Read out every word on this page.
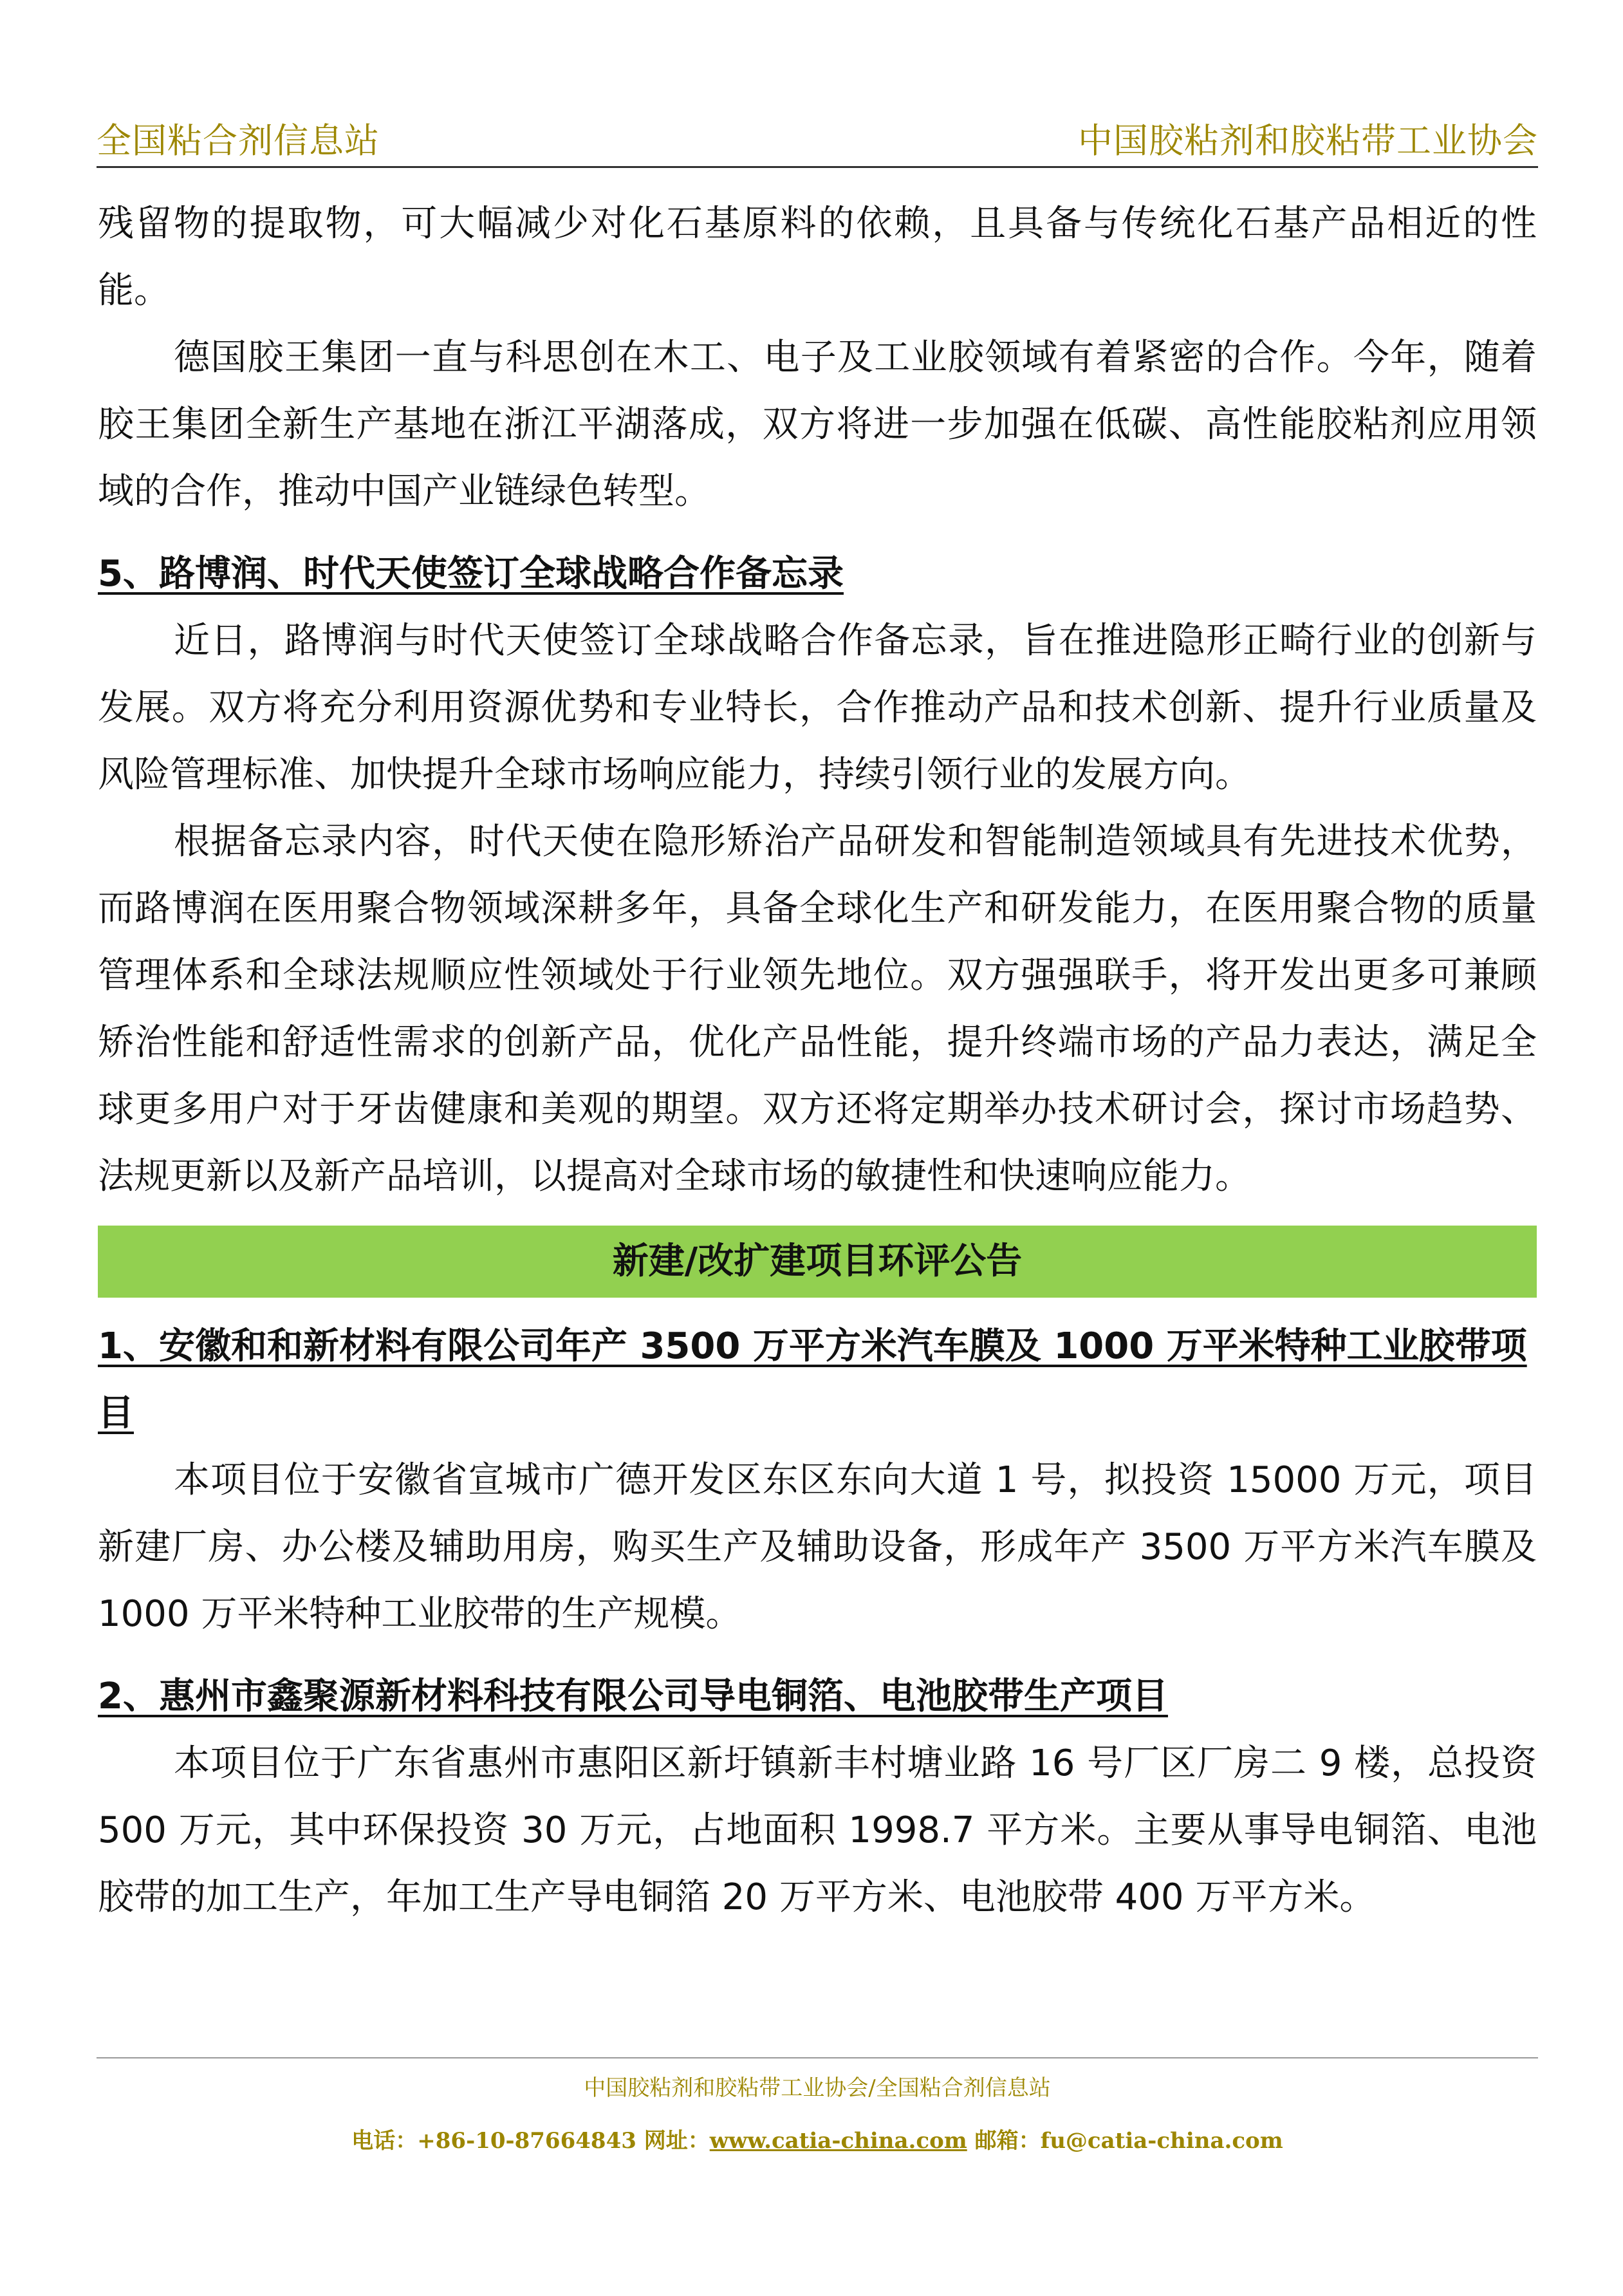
全国粘合剂信息站	中国胶粘剂和胶粘带工业协会

残留物的提取物，可大幅减少对化石基原料的依赖，且具备与传统化石基产品相近的性能。

德国胶王集团一直与科思创在木工、电子及工业胶领域有着紧密的合作。今年，随着胶王集团全新生产基地在浙江平湖落成，双方将进一步加强在低碳、高性能胶粘剂应用领域的合作，推动中国产业链绿色转型。

5、路博润、时代天使签订全球战略合作备忘录

近日，路博润与时代天使签订全球战略合作备忘录，旨在推进隐形正畸行业的创新与发展。双方将充分利用资源优势和专业特长，合作推动产品和技术创新、提升行业质量及风险管理标准、加快提升全球市场响应能力，持续引领行业的发展方向。

根据备忘录内容，时代天使在隐形矫治产品研发和智能制造领域具有先进技术优势，而路博润在医用聚合物领域深耕多年，具备全球化生产和研发能力，在医用聚合物的质量管理体系和全球法规顺应性领域处于行业领先地位。双方强强联手，将开发出更多可兼顾矫治性能和舒适性需求的创新产品，优化产品性能，提升终端市场的产品力表达，满足全球更多用户对于牙齿健康和美观的期望。双方还将定期举办技术研讨会，探讨市场趋势、法规更新以及新产品培训，以提高对全球市场的敏捷性和快速响应能力。

新建/改扩建项目环评公告
1、安徽和和新材料有限公司年产 3500 万平方米汽车膜及 1000 万平米特种工业胶带项目

本项目位于安徽省宣城市广德开发区东区东向大道 1 号，拟投资 15000 万元，项目新建厂房、办公楼及辅助用房，购买生产及辅助设备，形成年产 3500 万平方米汽车膜及 1000 万平米特种工业胶带的生产规模。

2、惠州市鑫聚源新材料科技有限公司导电铜箔、电池胶带生产项目

本项目位于广东省惠州市惠阳区新圩镇新丰村塘业路 16 号厂区厂房二 9 楼，总投资 500 万元，其中环保投资 30 万元，占地面积 1998.7 平方米。主要从事导电铜箔、电池胶带的加工生产，年加工生产导电铜箔 20 万平方米、电池胶带 400 万平方米。

中国胶粘剂和胶粘带工业协会/全国粘合剂信息站
电话：+86-10-87664843 网址：www.catia-china.com 邮箱：fu@catia-china.com
